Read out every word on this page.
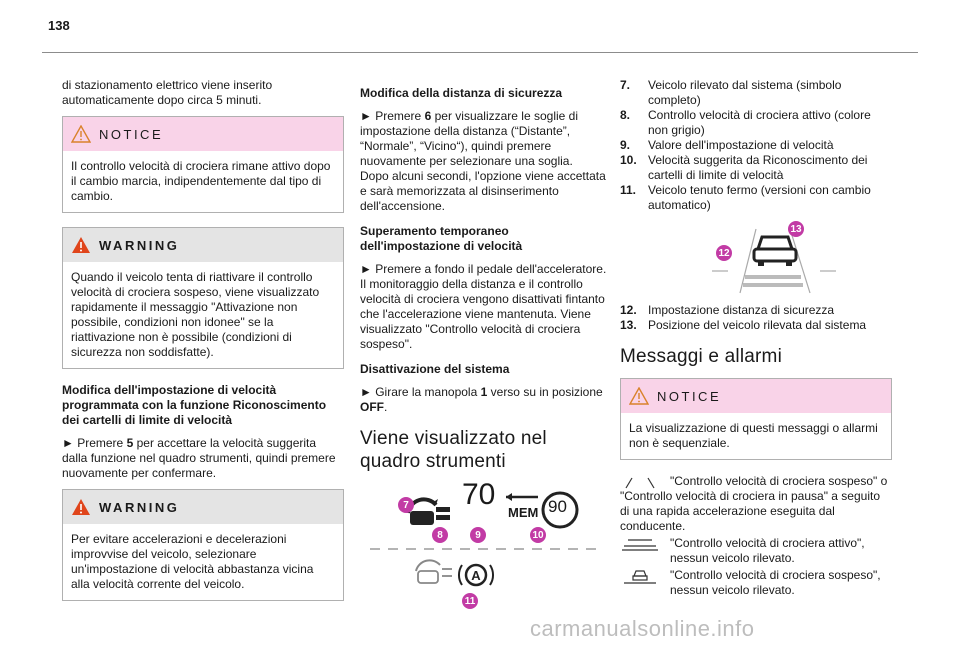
138

di stazionamento elettrico viene inserito automaticamente dopo circa 5 minuti.

NOTICE
Il controllo velocità di crociera rimane attivo dopo il cambio marcia, indipendentemente dal tipo di cambio.
WARNING
Quando il veicolo tenta di riattivare il controllo velocità di crociera sospeso, viene visualizzato rapidamente il messaggio "Attivazione non possibile, condizioni non idonee" se la riattivazione non è possibile (condizioni di sicurezza non soddisfatte).
Modifica dell'impostazione di velocità programmata con la funzione Riconoscimento dei cartelli di limite di velocità

► Premere 5 per accettare la velocità suggerita dalla funzione nel quadro strumenti, quindi premere nuovamente per confermare.

WARNING
Per evitare accelerazioni e decelerazioni improvvise del veicolo, selezionare un'impostazione di velocità abbastanza vicina alla velocità corrente del veicolo.
Modifica della distanza di sicurezza

► Premere 6 per visualizzare le soglie di impostazione della distanza (“Distante”, “Normale”, “Vicino“), quindi premere nuovamente per selezionare una soglia.

Dopo alcuni secondi, l'opzione viene accettata e sarà memorizzata al disinserimento dell'accensione.

Superamento temporaneo dell'impostazione di velocità

► Premere a fondo il pedale dell'acceleratore. Il monitoraggio della distanza e il controllo velocità di crociera vengono disattivati fintanto che l'accelerazione viene mantenuta. Viene visualizzato "Controllo velocità di crociera sospeso".

Disattivazione del sistema

► Girare la manopola 1 verso su in posizione OFF.

Viene visualizzato nel quadro strumenti
A
70
MEM 90
7
8	9	10
11
7.	Veicolo rilevato dal sistema (simbolo completo)
8.	Controllo velocità di crociera attivo (colore non grigio)
9.	Valore dell'impostazione di velocità
10. Velocità suggerita da Riconoscimento dei cartelli di limite di velocità
11. Veicolo tenuto fermo (versioni con cambio automatico)
13
12
12. Impostazione distanza di sicurezza
13. Posizione del veicolo rilevata dal sistema
Messaggi e allarmi
NOTICE
La visualizzazione di questi messaggi o allarmi non è sequenziale.
"Controllo velocità di crociera sospeso" o "Controllo velocità di crociera in pausa" a seguito di una rapida accelerazione eseguita dal conducente.
"Controllo velocità di crociera attivo", nessun veicolo rilevato.
"Controllo velocità di crociera sospeso", nessun veicolo rilevato.
carmanualsonline.info
